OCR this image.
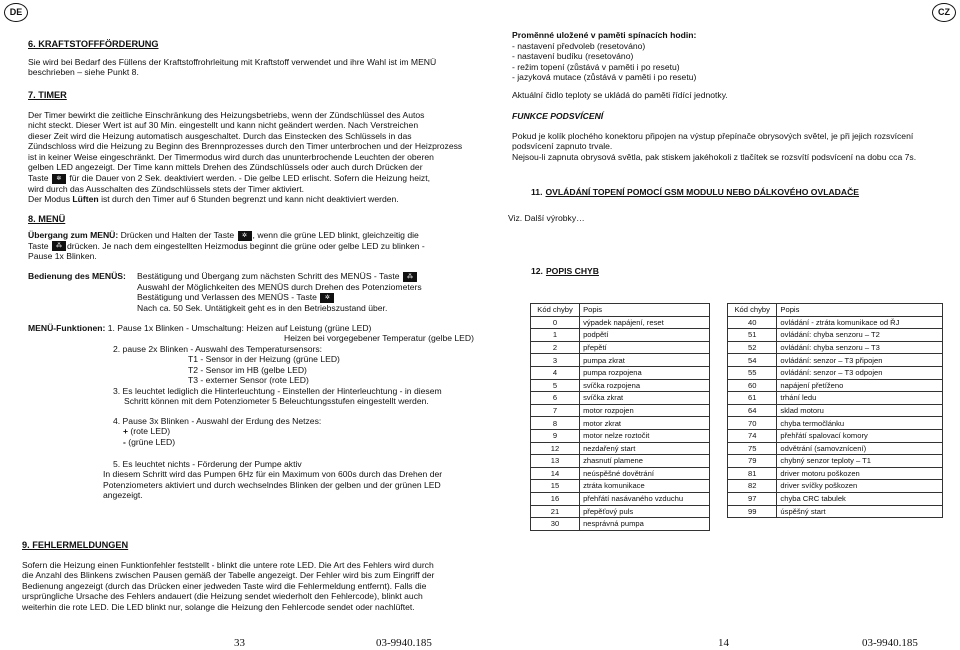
DE	CZ
6. KRAFTSTOFFFÖRDERUNG
Sie wird bei Bedarf des Füllens der Kraftstoffrohrleitung mit Kraftstoff verwendet und ihre Wahl ist im MENÜ
beschrieben – siehe Punkt 8.
7. TIMER
Der Timer bewirkt die zeitliche Einschränkung des Heizungsbetriebs, wenn der Zündschlüssel des Autos
nicht steckt. Dieser Wert ist auf 30 Min. eingestellt und kann nicht geändert werden. Nach Verstreichen
dieser Zeit wird die Heizung automatisch ausgeschaltet. Durch das Einstecken des Schlüssels in das
Zündschloss wird die Heizung zu Beginn des Brennprozesses durch den Timer unterbrochen und der Heizprozess
ist in keiner Weise eingeschränkt. Der Timermodus wird durch das ununterbrochende Leuchten der oberen
gelben LED angezeigt. Der Time kann mittels Drehen des Zündschlüssels oder auch durch Drücken der
Taste ✲ für die Dauer von 2 Sek. deaktiviert werden. - Die gelbe LED erlischt. Sofern die Heizung heizt,
wird durch das Ausschalten des Zündschlüssels stets der Timer aktiviert.
Der Modus Lüften ist durch den Timer auf 6 Stunden begrenzt und kann nicht deaktiviert werden.
8. MENÜ
Übergang zum MENÜ: Drücken und Halten der Taste ✲ , wenn die grüne LED blinkt, gleichzeitig die
Taste ⁂ drücken. Je nach dem eingestellten Heizmodus beginnt die grüne oder gelbe LED zu blinken -
Pause 1x Blinken.
Bedienung des MENÜS: Bestätigung und Übergang zum nächsten Schritt des MENÜS - Taste ⁂
Auswahl der Möglichkeiten des MENÜS durch Drehen des Potenziometers
Bestätigung und Verlassen des MENÜS - Taste ✲
Nach ca. 50 Sek. Untätigkeit geht es in den Betriebszustand über.
MENÜ-Funktionen: 1. Pause 1x Blinken - Umschaltung: Heizen auf Leistung (grüne LED)
Heizen bei vorgegebener Temperatur (gelbe LED)
2. pause 2x Blinken - Auswahl des Temperatursensors:
T1 - Sensor in der Heizung (grüne LED)
T2 - Sensor im HB (gelbe LED)
T3 - externer Sensor (rote LED)
3. Es leuchtet lediglich die Hinterleuchtung - Einstellen der Hinterleuchtung - in diesem
Schritt können mit dem Potenziometer 5 Beleuchtungsstufen eingestellt werden.
4. Pause 3x Blinken - Auswahl der Erdung des Netzes:
+ (rote LED)
- (grüne LED)
5. Es leuchtet nichts - Förderung der Pumpe aktiv
In diesem Schritt wird das Pumpen 6Hz für ein Maximum von 600s durch das Drehen der
Potenziometers aktiviert und durch wechselndes Blinken der gelben und der grünen LED
angezeigt.
9. FEHLERMELDUNGEN
Sofern die Heizung einen Funktionfehler feststellt - blinkt die untere rote LED. Die Art des Fehlers wird durch
die Anzahl des Blinkens zwischen Pausen gemäß der Tabelle angezeigt. Der Fehler wird bis zum Eingriff der
Bedienung angezeigt (durch das Drücken einer jedweden Taste wird die Fehlermeldung entfernt). Falls die
ursprüngliche Ursache des Fehlers andauert (die Heizung sendet wiederholt den Fehlercode), blinkt auch
weiterhin die rote LED. Die LED blinkt nur, solange die Heizung den Fehlercode sendet oder nachlüftet.
33	03-9940.185
Proměnné uložené v paměti spínacích hodin:
- nastavení předvoleb (resetováno)
- nastavení budíku (resetováno)
- režim topení (zůstává v paměti i po resetu)
- jazyková mutace (zůstává v paměti i po resetu)
Aktuální čidlo teploty se ukládá do paměti řídící jednotky.
FUNKCE PODSVÍCENÍ
Pokud je kolík plochého konektoru připojen na výstup přepínače obrysových světel, je při jejich rozsvícení
podsvícení zapnuto trvale.
Nejsou-li zapnuta obrysová světla, pak stiskem jakéhokoli z tlačítek se rozsvítí podsvícení na dobu cca 7s.
11. OVLÁDÁNÍ TOPENÍ POMOCÍ GSM MODULU NEBO DÁLKOVÉHO OVLADAČE
Viz. Další výrobky…
12. POPIS CHYB
Kód chyby	Popis
0	výpadek napájení, reset
1	podpětí
2	přepětí
3	pumpa zkrat
4	pumpa rozpojena
5	svíčka rozpojena
6	svíčka zkrat
7	motor rozpojen
8	motor zkrat
9	motor nelze roztočit
12	nezdařený start
13	zhasnutí plamene
14	neúspěšné dovětrání
15	ztráta komunikace
16	přehřátí nasávaného vzduchu
21	přepěťový puls
30	nesprávná pumpa
Kód chyby	Popis
40	ovládání - ztráta komunikace od ŘJ
51	ovládání: chyba senzoru – T2
52	ovládání: chyba senzoru – T3
54	ovládání: senzor – T3 připojen
55	ovládání: senzor – T3 odpojen
60	napájení přetíženo
61	trhání ledu
64	sklad motoru
70	chyba termočlánku
74	přehřátí spalovací komory
75	odvětrání (samovznícení)
79	chybný senzor teploty – T1
81	driver motoru poškozen
82	driver svíčky poškozen
97	chyba CRC tabulek
99	úspěšný start
14	03-9940.185
